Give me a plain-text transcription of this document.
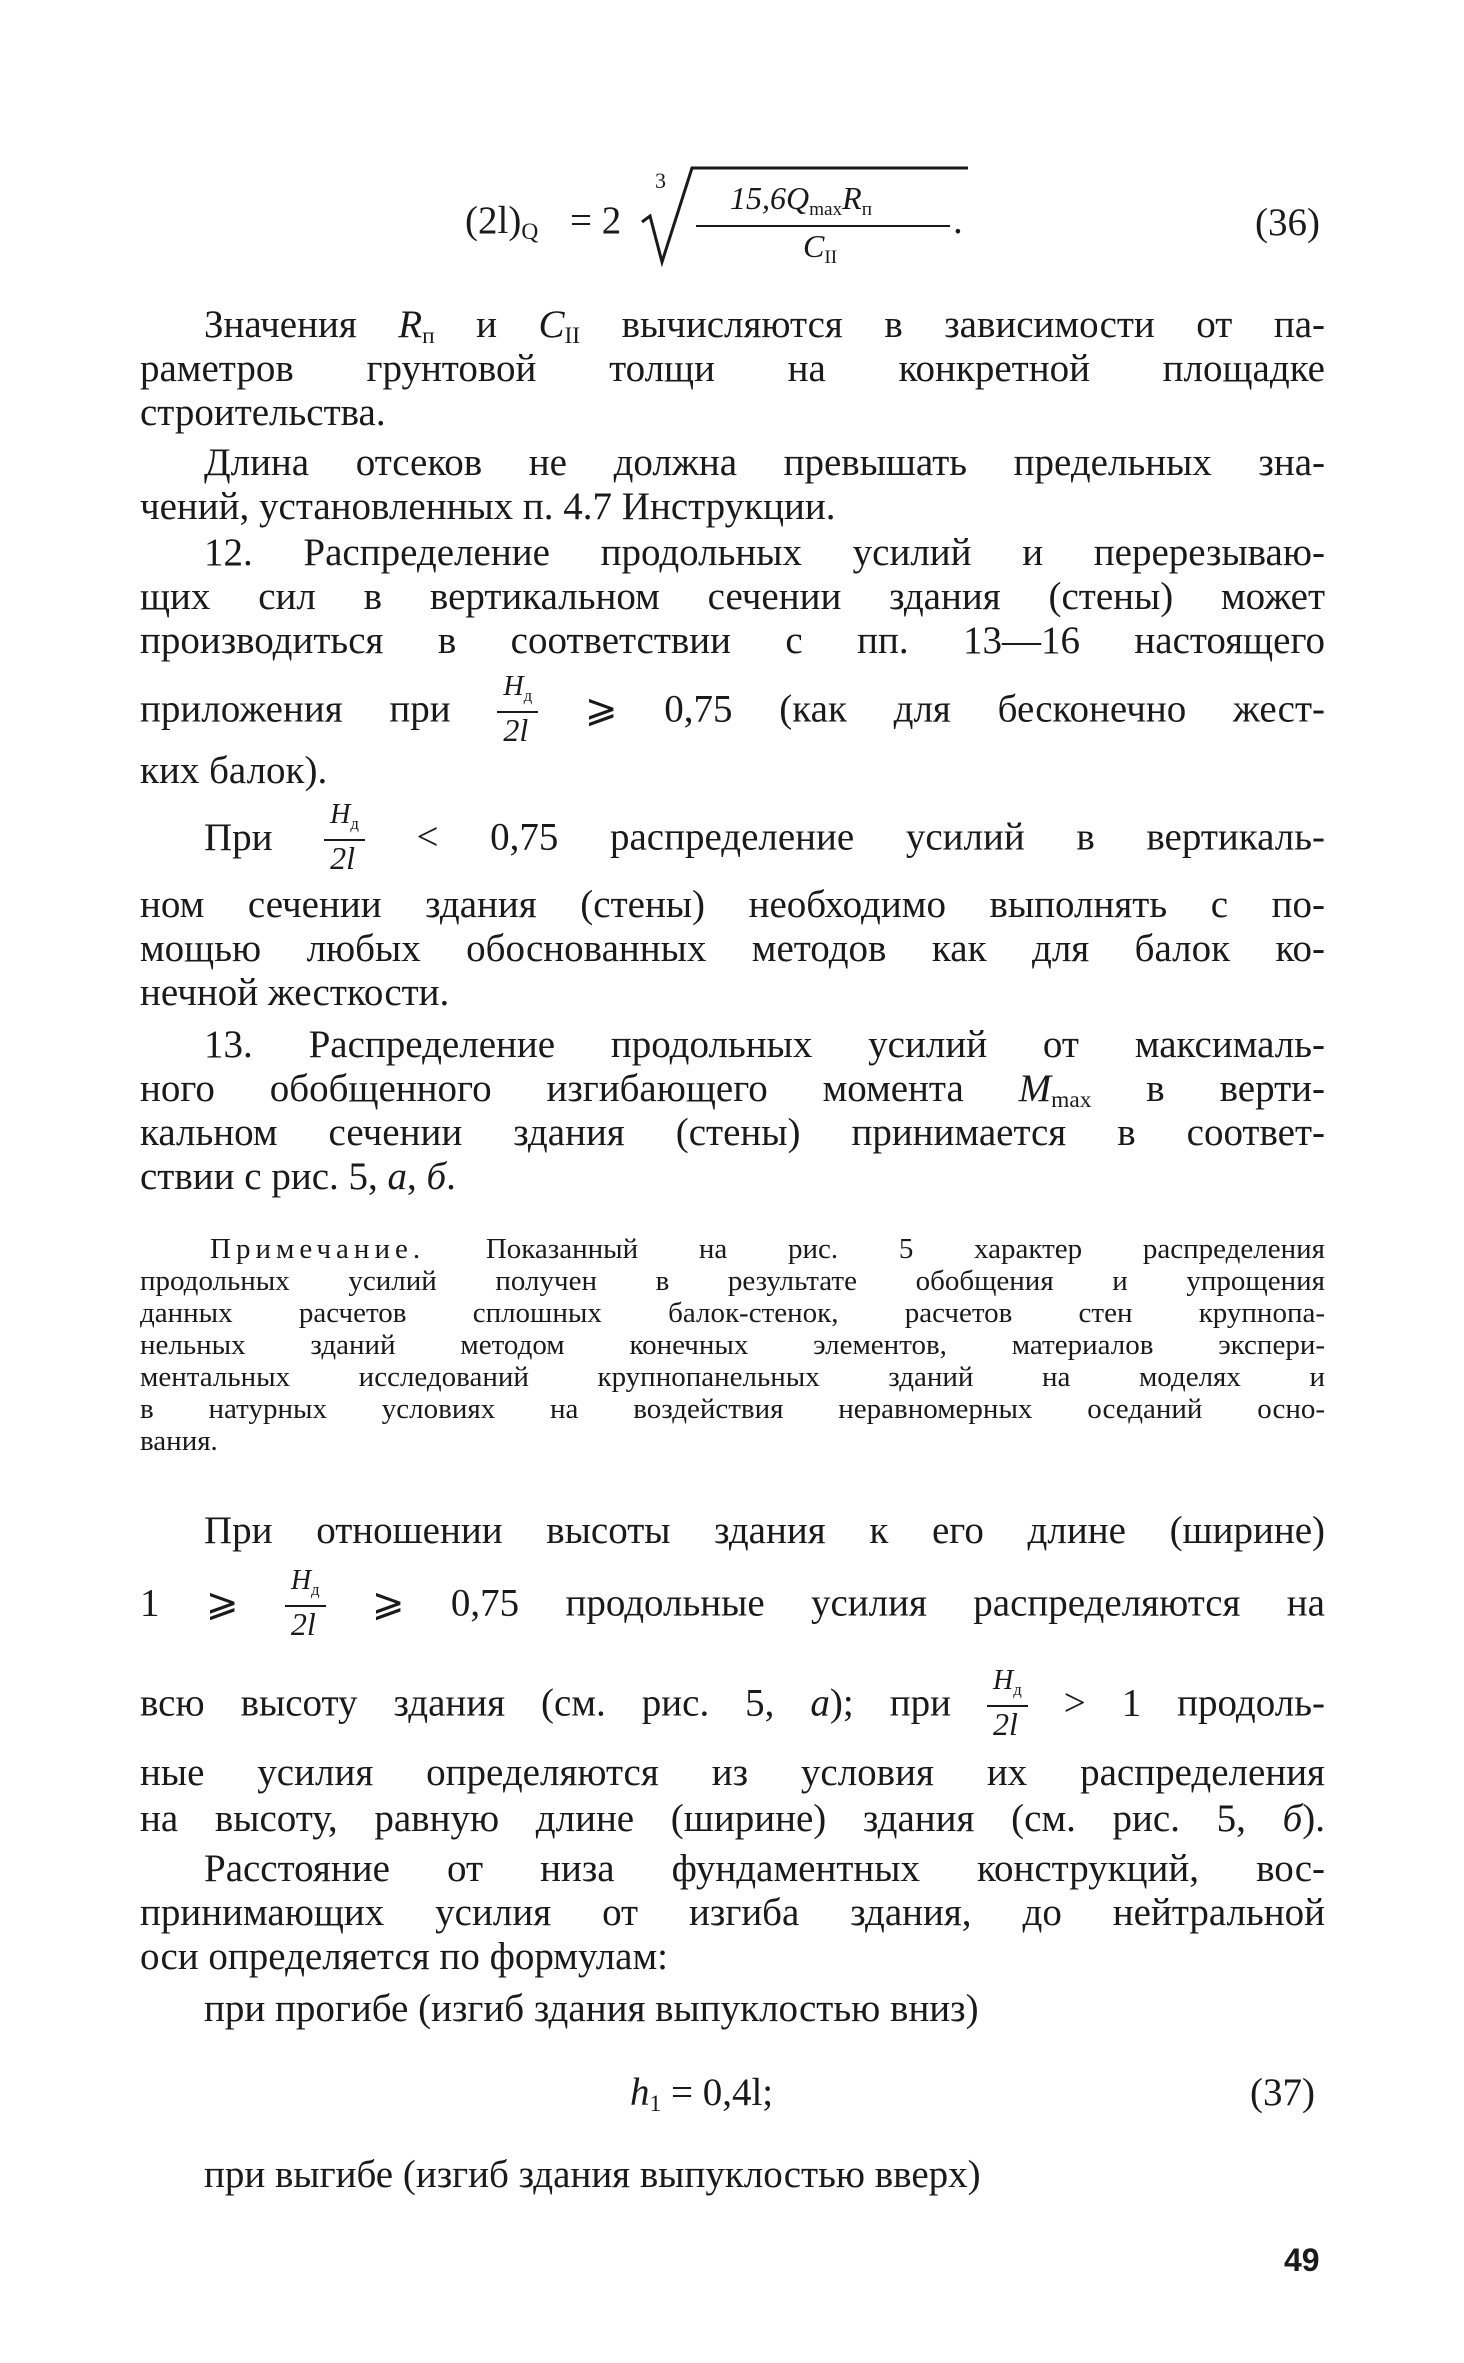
$(2l)_Q = 2$
3 $15,6Q_{max}R_п$
$C_{II}$
.	(36)
Значения $R_п$ и $C_{II}$ вычисляются в зависимости от па-
раметров грунтовой толщи на конкретной площадке
строительства.
Длина отсеков не должна превышать предельных зна-
чений, установленных п. 4.7 Инструкции.
12. Распределение продольных усилий и перерезываю-
щих сил в вертикальном сечении здания (стены) может
производиться в соответствии с пп. 13—16 настоящего
приложения при $\frac{H_д}{2l}$ ⩾ 0,75 (как для бесконечно жест-
ких балок).
При $\frac{H_д}{2l} < 0,75$ распределение усилий в вертикаль-
ном сечении здания (стены) необходимо выполнять с по-
мощью любых обоснованных методов как для балок ко-
нечной жесткости.
13. Распределение продольных усилий от максималь-
ного обобщенного изгибающего момента $M_{max}$ в верти-
кальном сечении здания (стены) принимается в соответ-
ствии с рис. 5, а, б.
Примечание. Показанный на рис. 5 характер распределения
продольных усилий получен в результате обобщения и упрощения
данных расчетов сплошных балок-стенок, расчетов стен крупнопа-
нельных зданий методом конечных элементов, материалов экспери-
ментальных исследований крупнопанельных зданий на моделях и
в натурных условиях на воздействия неравномерных оседаний осно-
вания.
При отношении высоты здания к его длине (ширине)
1 ⩾ $\frac{H_д}{2l}$ ⩾ 0,75 продольные усилия распределяются на
всю высоту здания (см. рис. 5, а); при $\frac{H_д}{2l} > 1$ продоль-
ные усилия определяются из условия их распределения
на высоту, равную длине (ширине) здания (см. рис. 5, б).
Расстояние от низа фундаментных конструкций, вос-
принимающих усилия от изгиба здания, до нейтральной
оси определяется по формулам:
при прогибе (изгиб здания выпуклостью вниз)
$h_1 = 0,4l$;	(37)
при выгибе (изгиб здания выпуклостью вверх)
49
